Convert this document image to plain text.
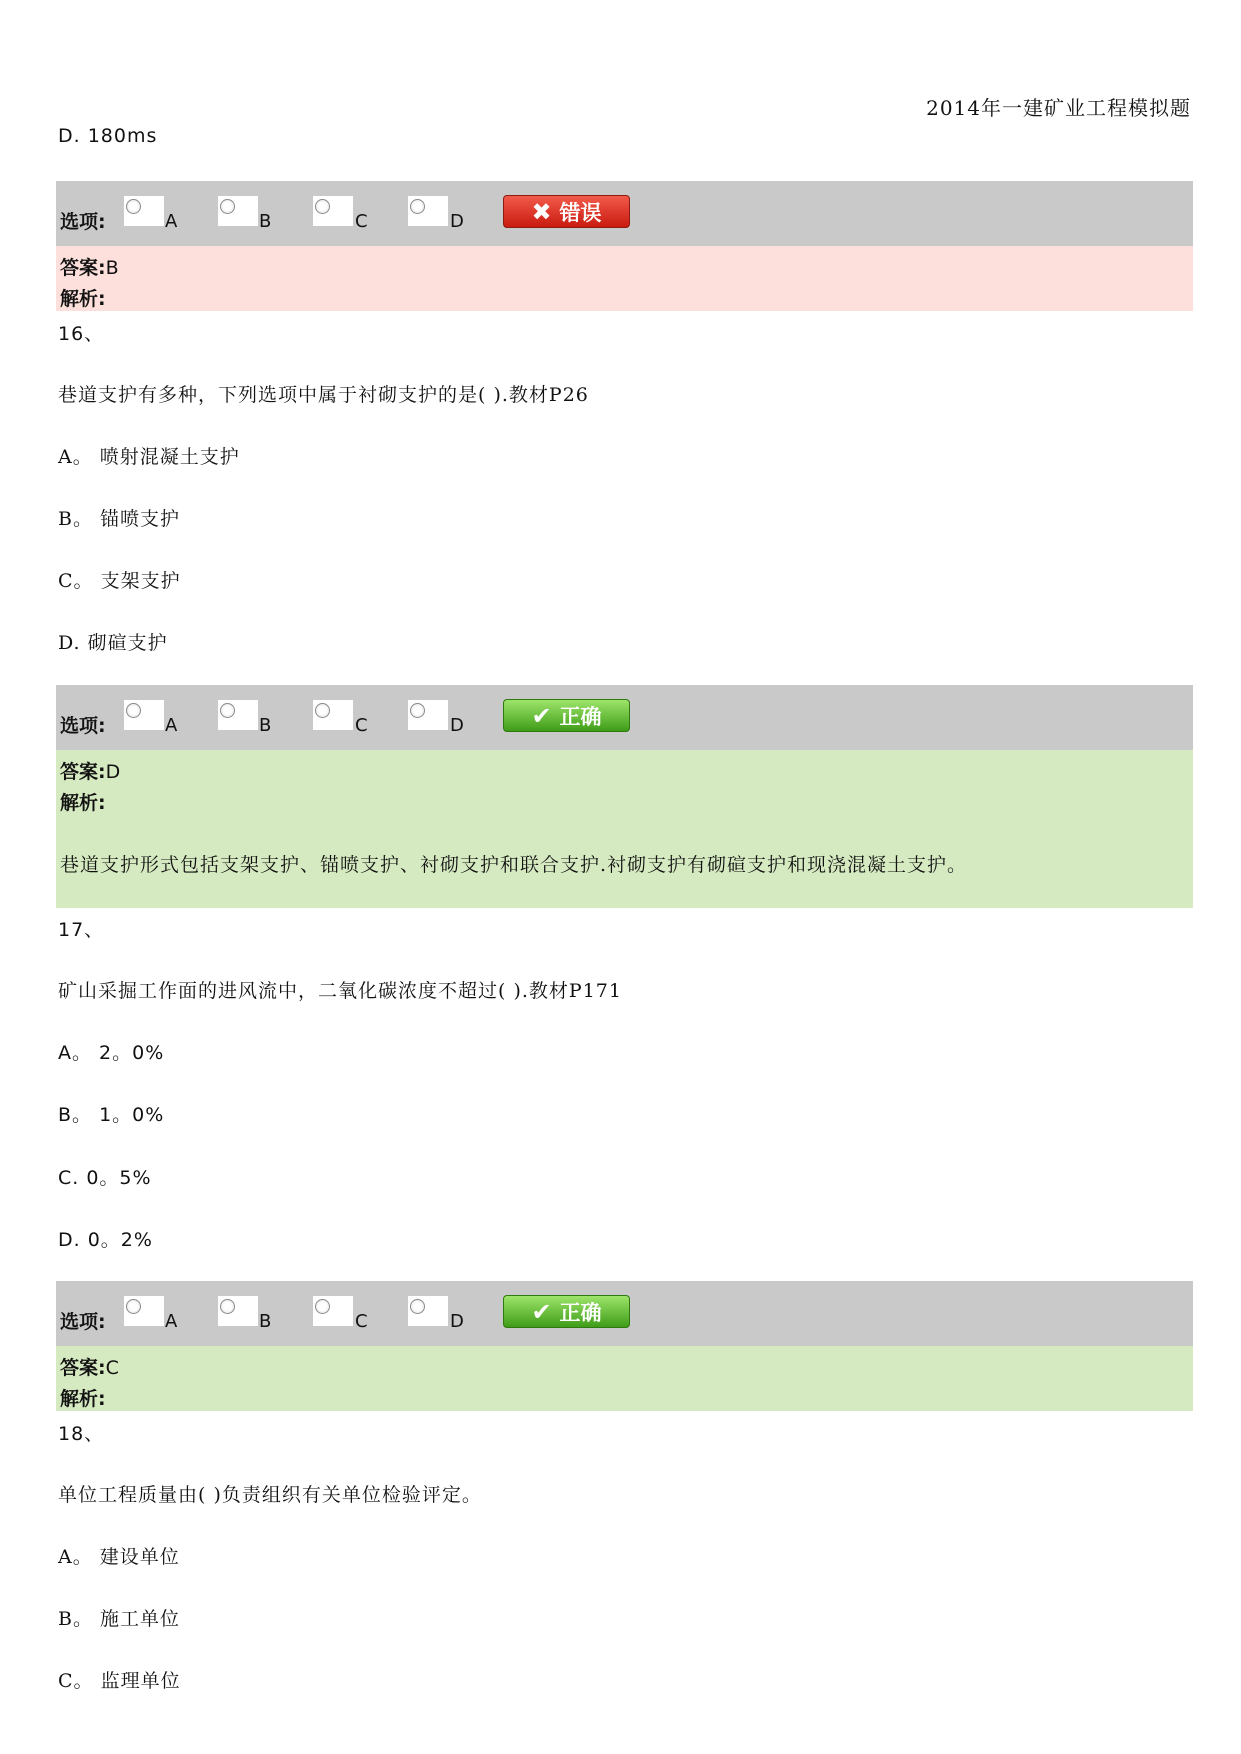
2014年一建矿业工程模拟题
D. 180ms
选项:	A	B	C	D	✖ 错误
答案:B
解析:
16、
巷道支护有多种，下列选项中属于衬砌支护的是( ).教材P26
A。 喷射混凝土支护
B。 锚喷支护
C。 支架支护
D. 砌碹支护
选项:	A	B	C	D	✔ 正确
答案:D
解析:
巷道支护形式包括支架支护、锚喷支护、衬砌支护和联合支护.衬砌支护有砌碹支护和现浇混凝土支护。
17、
矿山采掘工作面的进风流中，二氧化碳浓度不超过( ).教材P171
A。 2。0%
B。 1。0%
C. 0。5%
D. 0。2%
选项:	A	B	C	D	✔ 正确
答案:C
解析:
18、
单位工程质量由( )负责组织有关单位检验评定。
A。 建设单位
B。 施工单位
C。 监理单位
